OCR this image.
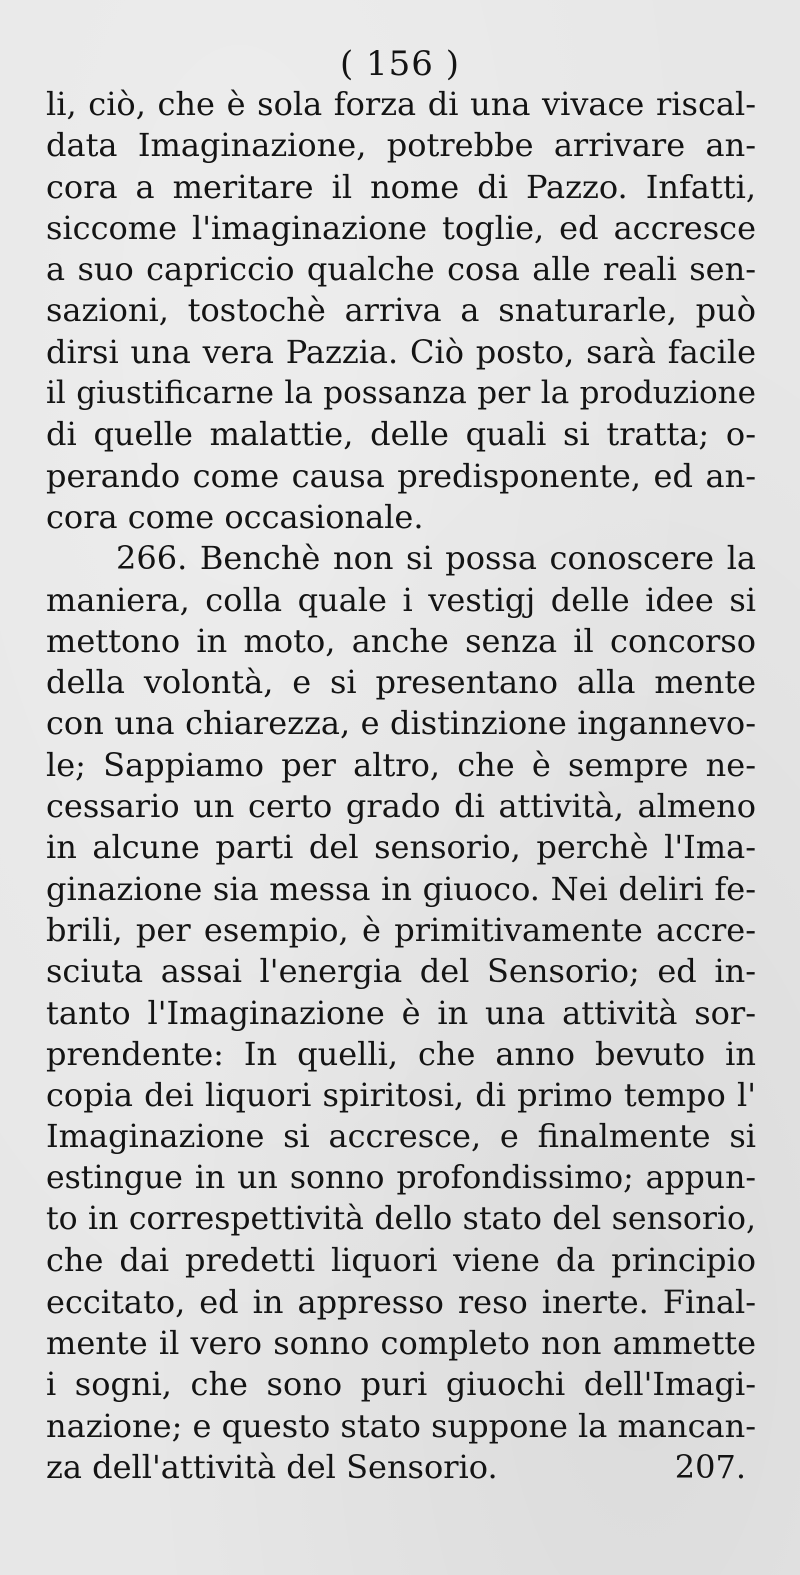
( 156 )
li, ciò, che è sola forza di una vivace riscal-
data Imaginazione, potrebbe arrivare an-
cora a meritare il nome di Pazzo. Infatti,
siccome l'imaginazione toglie, ed accresce
a suo capriccio qualche cosa alle reali sen-
sazioni, tostochè arriva a snaturarle, può
dirsi una vera Pazzia. Ciò posto, sarà facile
il giustificarne la possanza per la produzione
di quelle malattie, delle quali si tratta; o-
perando come causa predisponente, ed an-
cora come occasionale.
266. Benchè non si possa conoscere la
maniera, colla quale i vestigj delle idee si
mettono in moto, anche senza il concorso
della volontà, e si presentano alla mente
con una chiarezza, e distinzione ingannevo-
le; Sappiamo per altro, che è sempre ne-
cessario un certo grado di attività, almeno
in alcune parti del sensorio, perchè l'Ima-
ginazione sia messa in giuoco. Nei deliri fe-
brili, per esempio, è primitivamente accre-
sciuta assai l'energia del Sensorio; ed in-
tanto l'Imaginazione è in una attività sor-
prendente: In quelli, che anno bevuto in
copia dei liquori spiritosi, di primo tempo l'
Imaginazione si accresce, e finalmente si
estingue in un sonno profondissimo; appun-
to in correspettività dello stato del sensorio,
che dai predetti liquori viene da principio
eccitato, ed in appresso reso inerte. Final-
mente il vero sonno completo non ammette
i sogni, che sono puri giuochi dell'Imagi-
nazione; e questo stato suppone la mancan-
za dell'attività del Sensorio.	207.
